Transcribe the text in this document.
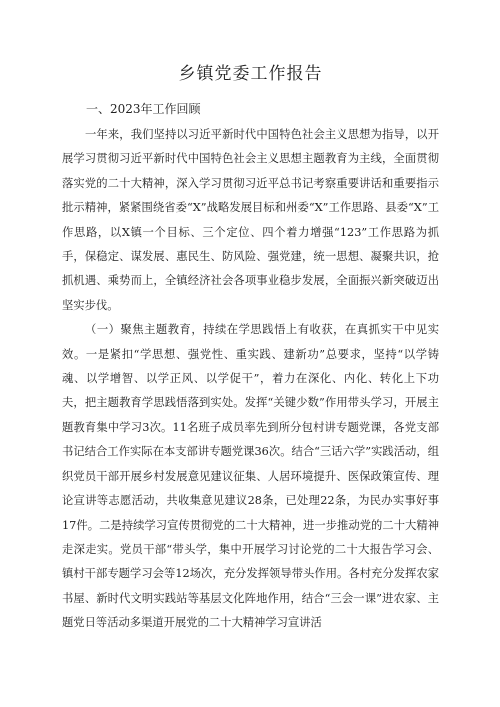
乡镇党委工作报告
一、2023年工作回顾

一年来，我们坚持以习近平新时代中国特色社会主义思想为指导，以开展学习贯彻习近平新时代中国特色社会主义思想主题教育为主线，全面贯彻落实党的二十大精神，深入学习贯彻习近平总书记考察重要讲话和重要指示批示精神，紧紧围绕省委“X”战略发展目标和州委“X”工作思路、县委“X”工作思路，以X镇一个目标、三个定位、四个着力增强“123”工作思路为抓手，保稳定、谋发展、惠民生、防风险、强党建，统一思想、凝聚共识，抢抓机遇、乘势而上，全镇经济社会各项事业稳步发展，全面振兴新突破迈出坚实步伐。

（一）聚焦主题教育，持续在学思践悟上有收获，在真抓实干中见实效。一是紧扣“学思想、强党性、重实践、建新功”总要求，坚持“以学铸魂、以学增智、以学正风、以学促干”，着力在深化、内化、转化上下功夫，把主题教育学思践悟落到实处。发挥“关键少数”作用带头学习，开展主题教育集中学习3次。11名班子成员率先到所分包村讲专题党课，各党支部书记结合工作实际在本支部讲专题党课36次。结合“三话六学”实践活动，组织党员干部开展乡村发展意见建议征集、人居环境提升、医保政策宣传、理论宣讲等志愿活动，共收集意见建议28条，已处理22条，为民办实事好事17件。二是持续学习宣传贯彻党的二十大精神，进一步推动党的二十大精神走深走实。党员干部“带头学，集中开展学习讨论党的二十大报告学习会、镇村干部专题学习会等12场次，充分发挥领导带头作用。各村充分发挥农家书屋、新时代文明实践站等基层文化阵地作用，结合“三会一课”进农家、主题党日等活动多渠道开展党的二十大精神学习宣讲活
